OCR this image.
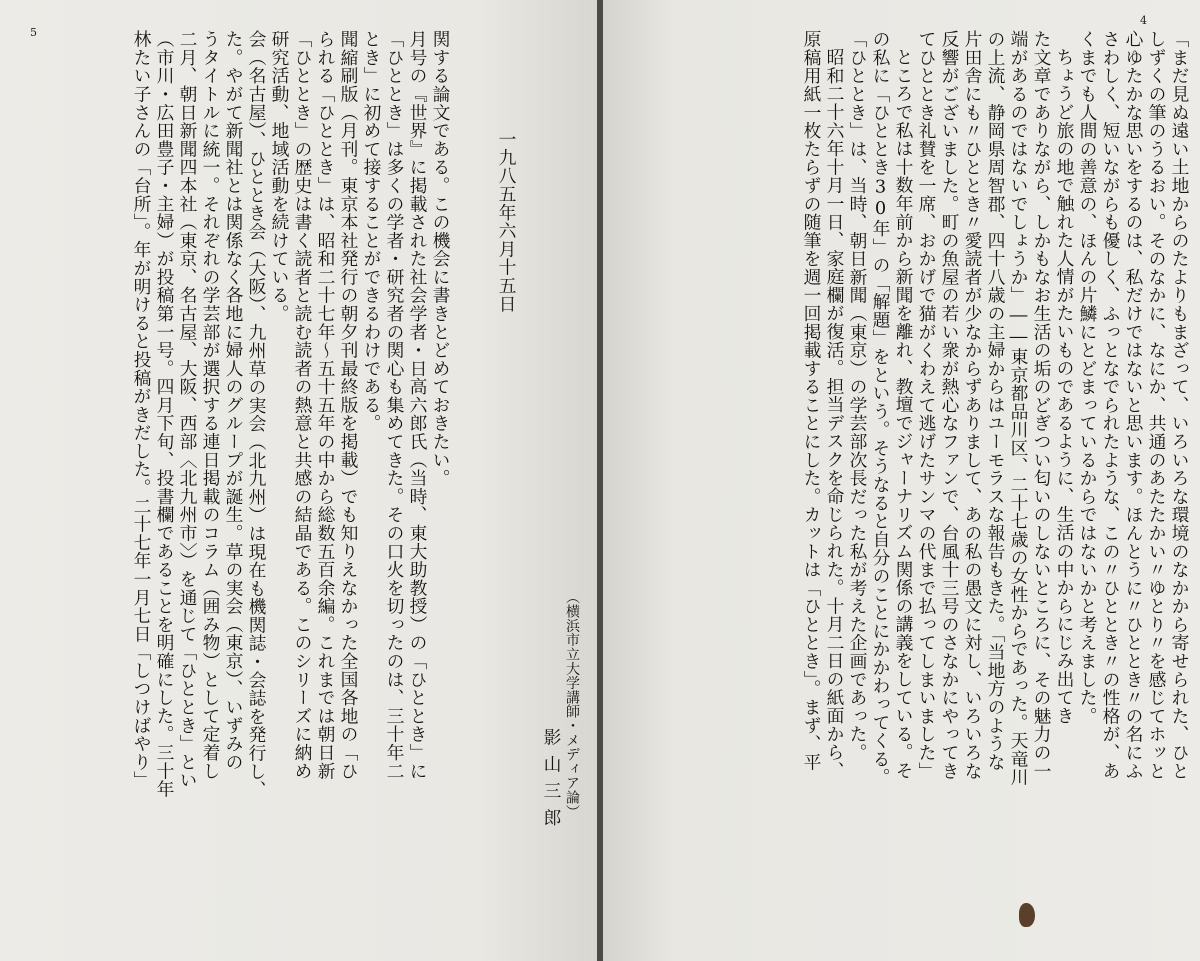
5	林たい子さんの「台所」。年が明けると投稿がきだした。二十七年一月七日「しつけばやり」 （市川・広田豊子・主婦）が投稿第一号。四月下旬、投書欄であることを明確にした。三十年 二月、朝日新聞四本社（東京、名古屋、大阪、西部〈北九州市〉）を通じて「ひととき」とい うタイトルに統一。それぞれの学芸部が選択する連日掲載のコラム（囲み物）として定着し た。やがて新聞社とは関係なく各地に婦人のグループが誕生。草の実会（東京）、いずみの 会（名古屋）、ひととき会（大阪）、九州草の実会（北九州）は現在も機関誌・会誌を発行し、 研究活動、地域活動を続けている。 「ひととき」の歴史は書く読者と読む読者の熱意と共感の結晶である。このシリーズに納め られる「ひととき」は、昭和二十七年～五十五年の中から総数五百余編。これまでは朝日新 聞縮刷版（月刊。東京本社発行の朝夕刊最終版を掲載）でも知りえなかった全国各地の「ひ とき」に初めて接することができるわけである。 「ひととき」は多くの学者・研究者の関心も集めてきた。その口火を切ったのは、三十年二 月号の『世界』に掲載された社会学者・日高六郎氏（当時、東大助教授）の「ひととき」に 関する論文である。この機会に書きとどめておきたい。	一九八五年六月十五日
影山三郎 （横浜市立大学講師・メディア論）
4
「まだ見ぬ遠い土地からのたよりもまざって、いろいろな環境のなかから寄せられた、ひと
しずくの筆のうるおい。そのなかに、なにか、共通のあたたかい〃ゆとり〃を感じてホッと
心ゆたかな思いをするのは、私だけではないと思います。ほんとうに〃ひととき〃の名にふ
さわしく、短いながらも優しく、ふっとなでられたような、この〃ひととき〃の性格が、あ
くまでも人間の善意の、ほんの片鱗にとどまっているからではないかと考えました。
ちょうど旅の地で触れた人情がたいものであるように、生活の中からにじみ出てき
た文章でありながら、しかもなお生活の垢のどぎつい匂いのしないところに、その魅力の一
端があるのではないでしょうか」――東京都品川区、二十七歳の女性からであった。天竜川
の上流、静岡県周智郡、四十八歳の主婦からはユーモラスな報告もきた。「当地方のような
片田舎にも〃ひととき〃愛読者が少なからずありまして、あの私の愚文に対し、いろいろな
反響がございました。町の魚屋の若い衆が熱心なファンで、台風十三号のさなかにやってき
てひととき礼賛を一席、おかげで猫がくわえて逃げたサンマの代まで払ってしまいました」
ところで私は十数年前から新聞を離れ、教壇でジャーナリズム関係の講義をしている。そ
の私に「ひととき30年」の「解題」をという。そうなると自分のことにかかわってくる。
「ひととき」は、当時、朝日新聞（東京）の学芸部次長だった私が考えた企画であった。
昭和二十六年十月一日、家庭欄が復活。担当デスクを命じられた。十月二日の紙面から、
原稿用紙一枚たらずの随筆を週一回掲載することにした。カットは「ひととき」。まず、平
